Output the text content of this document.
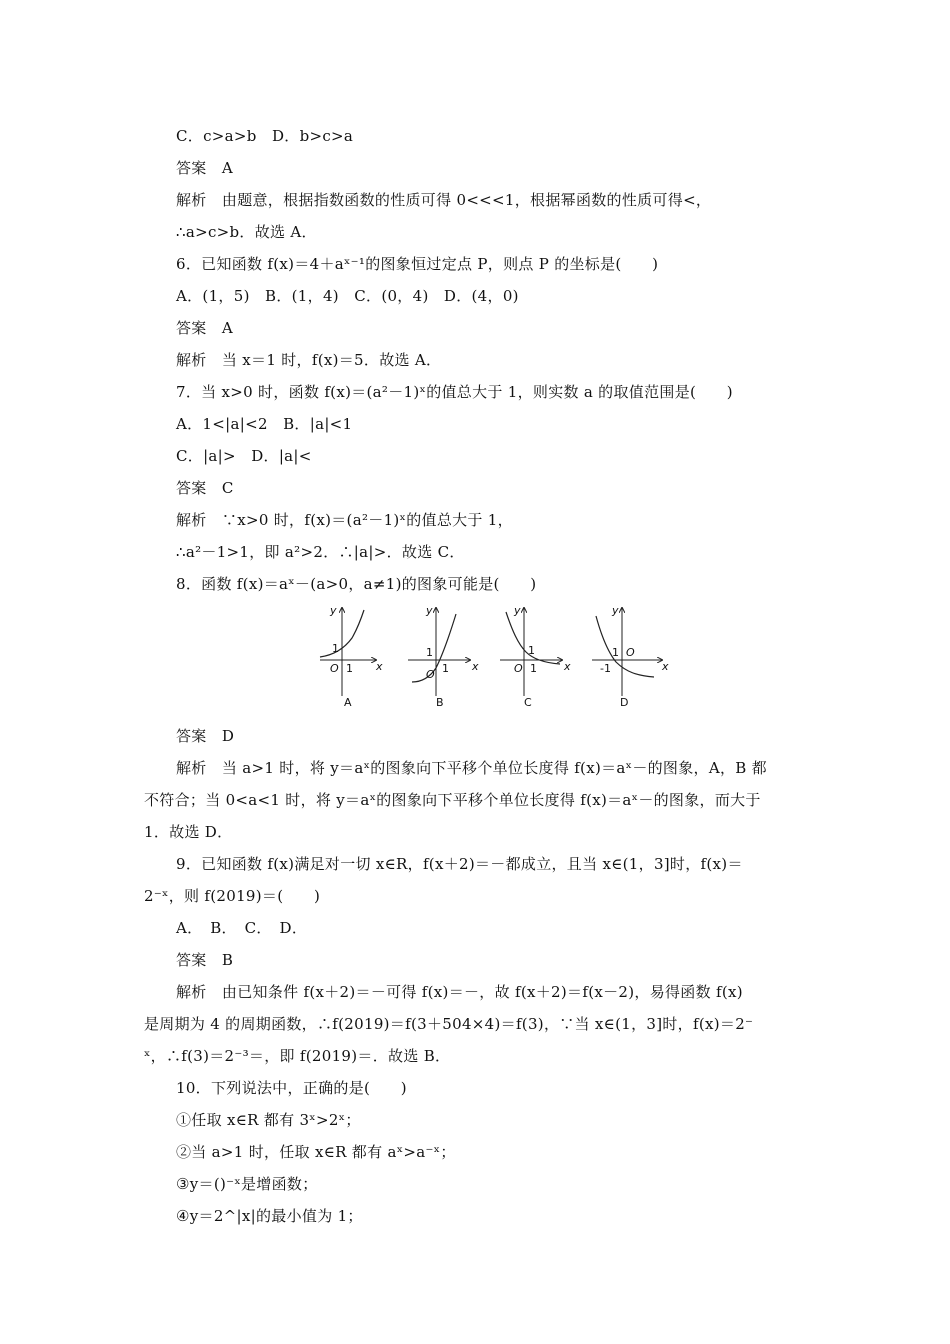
C．c>a>b　D．b>c>a
答案　A
解析　由题意，根据指数函数的性质可得 0<<<1，根据幂函数的性质可得<，
∴a>c>b．故选 A．
6．已知函数 f(x)＝4＋aˣ⁻¹的图象恒过定点 P，则点 P 的坐标是(　　)
A．(1，5)　B．(1，4)　C．(0，4)　D．(4，0)
答案　A
解析　当 x＝1 时，f(x)＝5．故选 A．
7．当 x>0 时，函数 f(x)＝(a²－1)ˣ的值总大于 1，则实数 a 的取值范围是(　　)
A．1<|a|<2　B．|a|<1
C．|a|>　D．|a|<
答案　C
解析　∵x>0 时，f(x)＝(a²－1)ˣ的值总大于 1，
∴a²－1>1，即 a²>2．∴|a|>．故选 C．
8．函数 f(x)＝aˣ－(a>0，a≠1)的图象可能是(　　)
y
x
O
1
1
y
x
O
1
1
y
x
O
1
1
y
x
O
1
-1
A	B	C	D
答案　D
解析　当 a>1 时，将 y＝aˣ的图象向下平移个单位长度得 f(x)＝aˣ－的图象，A，B 都
不符合；当 0<a<1 时，将 y＝aˣ的图象向下平移个单位长度得 f(x)＝aˣ－的图象，而大于
1．故选 D．
9．已知函数 f(x)满足对一切 x∈R，f(x＋2)＝－都成立，且当 x∈(1，3]时，f(x)＝
2⁻ˣ，则 f(2019)＝(　　)
A．　B．　C．　D．
答案　B
解析　由已知条件 f(x＋2)＝－可得 f(x)＝－，故 f(x＋2)＝f(x－2)，易得函数 f(x)
是周期为 4 的周期函数，∴f(2019)＝f(3＋504×4)＝f(3)，∵当 x∈(1，3]时，f(x)＝2⁻
ˣ，∴f(3)＝2⁻³＝，即 f(2019)＝．故选 B．
10．下列说法中，正确的是(　　)
①任取 x∈R 都有 3ˣ>2ˣ；
②当 a>1 时，任取 x∈R 都有 aˣ>a⁻ˣ；
③y＝()⁻ˣ是增函数；
④y＝2^|x|的最小值为 1；
